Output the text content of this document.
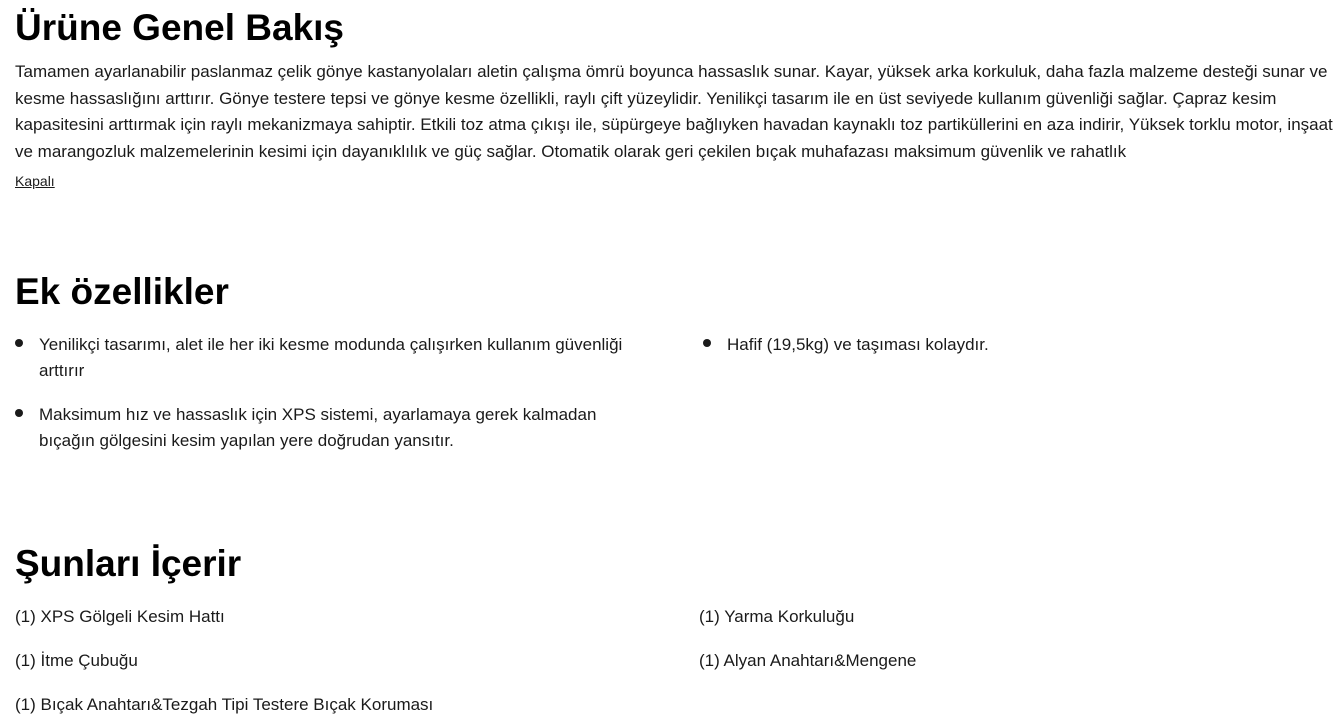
Ürüne Genel Bakış

Tamamen ayarlanabilir paslanmaz çelik gönye kastanyolaları aletin çalışma ömrü boyunca hassaslık sunar. Kayar, yüksek arka korkuluk, daha fazla malzeme desteği sunar ve kesme hassaslığını arttırır. Gönye testere tepsi ve gönye kesme özellikli, raylı çift yüzeylidir. Yenilikçi tasarım ile en üst seviyede kullanım güvenliği sağlar. Çapraz kesim kapasitesini arttırmak için raylı mekanizmaya sahiptir. Etkili toz atma çıkışı ile, süpürgeye bağlıyken havadan kaynaklı toz partiküllerini en aza indirir, Yüksek torklu motor, inşaat ve marangozluk malzemelerinin kesimi için dayanıklılık ve güç sağlar. Otomatik olarak geri çekilen bıçak muhafazası maksimum güvenlik ve rahatlık

Kapalı
Ek özellikler
Yenilikçi tasarımı, alet ile her iki kesme modunda çalışırken kullanım güvenliği arttırır
Maksimum hız ve hassaslık için XPS sistemi, ayarlamaya gerek kalmadan bıçağın gölgesini kesim yapılan yere doğrudan yansıtır.
Hafif (19,5kg) ve taşıması kolaydır.
Şunları İçerir
(1) XPS Gölgeli Kesim Hattı	(1) Yarma Korkuluğu
(1) İtme Çubuğu	(1) Alyan Anahtarı&Mengene
(1) Bıçak Anahtarı&Tezgah Tipi Testere Bıçak Koruması
